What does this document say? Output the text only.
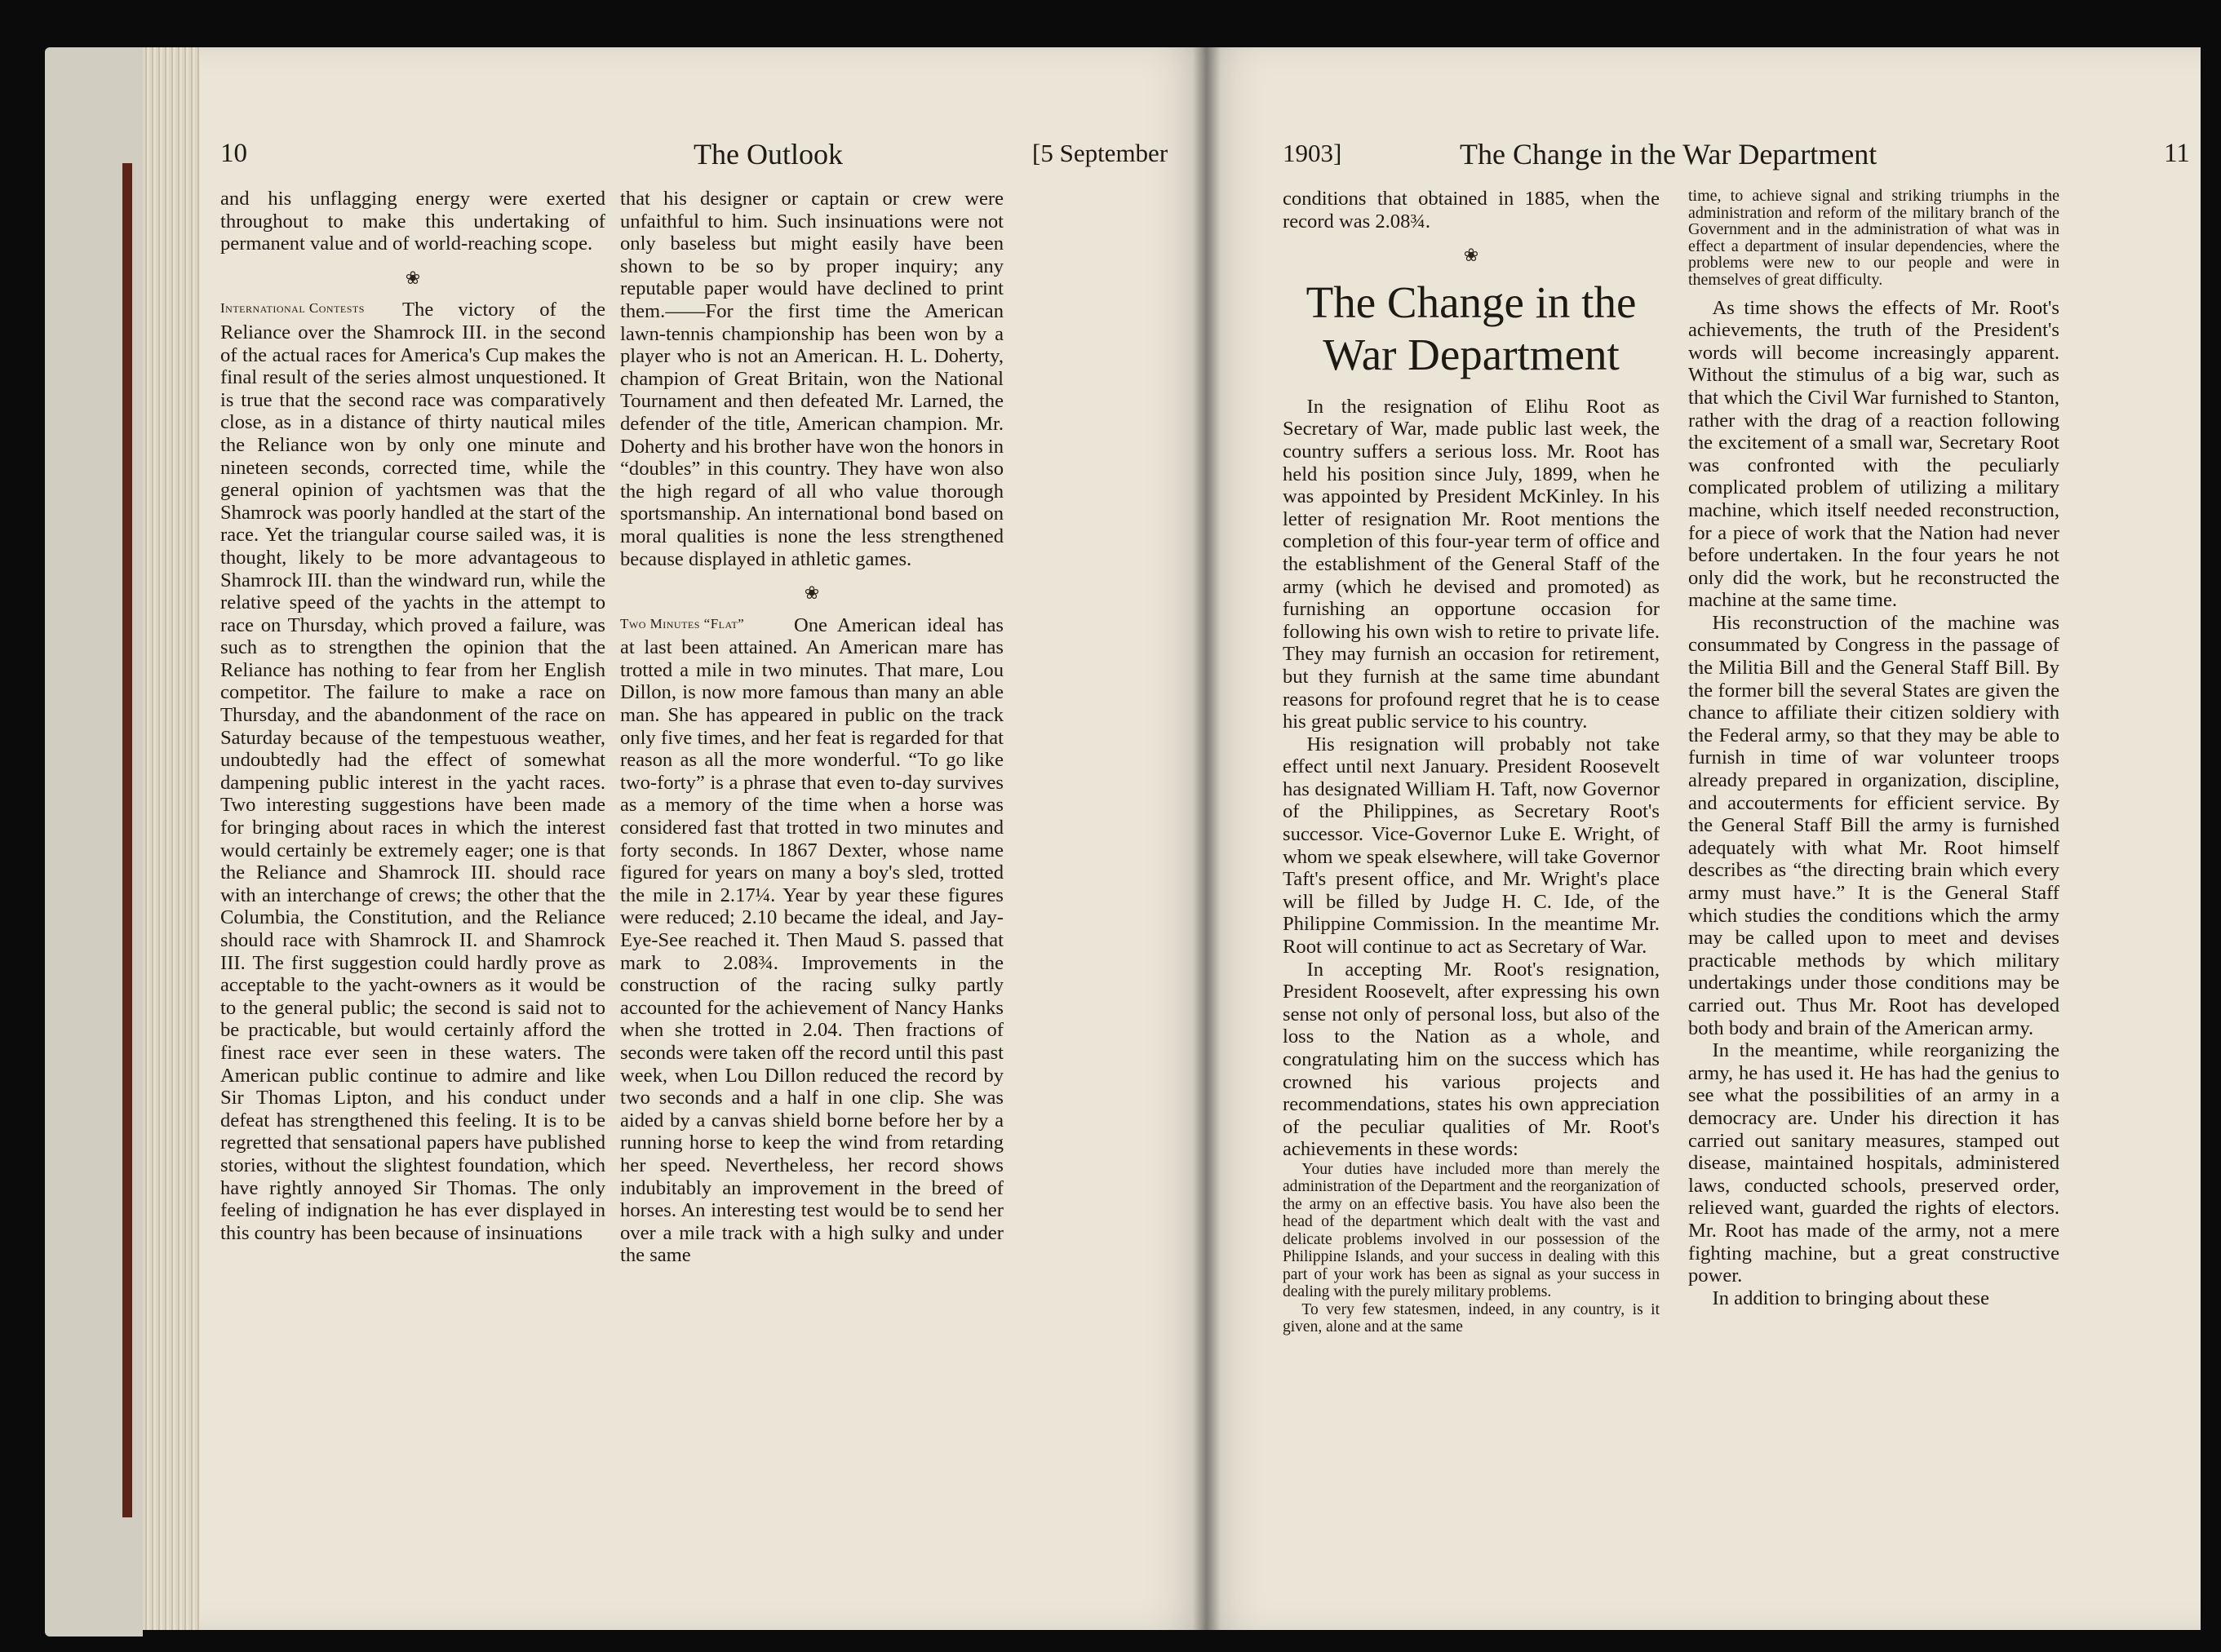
10	The Outlook	[5 September

and his unflagging energy were exerted throughout to make this undertaking of permanent value and of world-reaching scope.

❀

International Contests	The victory of the Reliance over the Shamrock III. in the second of the actual races for America's Cup makes the final result of the series almost unquestioned. It is true that the second race was comparatively close, as in a distance of thirty nautical miles the Reliance won by only one minute and nineteen seconds, corrected time, while the general opinion of yachtsmen was that the Shamrock was poorly handled at the start of the race. Yet the triangular course sailed was, it is thought, likely to be more advantageous to Shamrock III. than the windward run, while the relative speed of the yachts in the attempt to race on Thursday, which proved a failure, was such as to strengthen the opinion that the Reliance has nothing to fear from her English competitor. The failure to make a race on Thursday, and the abandonment of the race on Saturday because of the tempestuous weather, undoubtedly had the effect of somewhat dampening public interest in the yacht races. Two interesting suggestions have been made for bringing about races in which the interest would certainly be extremely eager; one is that the Reliance and Shamrock III. should race with an interchange of crews; the other that the Columbia, the Constitution, and the Reliance should race with Shamrock II. and Shamrock III. The first suggestion could hardly prove as acceptable to the yacht-owners as it would be to the general public; the second is said not to be practicable, but would certainly afford the finest race ever seen in these waters. The American public continue to admire and like Sir Thomas Lipton, and his conduct under defeat has strengthened this feeling. It is to be regretted that sensational papers have published stories, without the slightest foundation, which have rightly annoyed Sir Thomas. The only feeling of indignation he has ever displayed in this country has been because of insinuations

that his designer or captain or crew were unfaithful to him. Such insinuations were not only baseless but might easily have been shown to be so by proper inquiry; any reputable paper would have declined to print them.——For the first time the American lawn-tennis championship has been won by a player who is not an American. H. L. Doherty, champion of Great Britain, won the National Tournament and then defeated Mr. Larned, the defender of the title, American champion. Mr. Doherty and his brother have won the honors in “doubles” in this country. They have won also the high regard of all who value thorough sportsmanship. An international bond based on moral qualities is none the less strengthened because displayed in athletic games.

❀

Two Minutes “Flat”	One American ideal has at last been attained. An American mare has trotted a mile in two minutes. That mare, Lou Dillon, is now more famous than many an able man. She has appeared in public on the track only five times, and her feat is regarded for that reason as all the more wonderful. “To go like two-forty” is a phrase that even to-day survives as a memory of the time when a horse was considered fast that trotted in two minutes and forty seconds. In 1867 Dexter, whose name figured for years on many a boy's sled, trotted the mile in 2.17¼. Year by year these figures were reduced; 2.10 became the ideal, and Jay-Eye-See reached it. Then Maud S. passed that mark to 2.08¾. Improvements in the construction of the racing sulky partly accounted for the achievement of Nancy Hanks when she trotted in 2.04. Then fractions of seconds were taken off the record until this past week, when Lou Dillon reduced the record by two seconds and a half in one clip. She was aided by a canvas shield borne before her by a running horse to keep the wind from retarding her speed. Nevertheless, her record shows indubitably an improvement in the breed of horses. An interesting test would be to send her over a mile track with a high sulky and under the same

1903]	The Change in the War Department	11

conditions that obtained in 1885, when the record was 2.08¾.

❀
The Change in the War Department

In the resignation of Elihu Root as Secretary of War, made public last week, the country suffers a serious loss. Mr. Root has held his position since July, 1899, when he was appointed by President McKinley. In his letter of resignation Mr. Root mentions the completion of this four-year term of office and the establishment of the General Staff of the army (which he devised and promoted) as furnishing an opportune occasion for following his own wish to retire to private life. They may furnish an occasion for retirement, but they furnish at the same time abundant reasons for profound regret that he is to cease his great public service to his country.

His resignation will probably not take effect until next January. President Roosevelt has designated William H. Taft, now Governor of the Philippines, as Secretary Root's successor. Vice-Governor Luke E. Wright, of whom we speak elsewhere, will take Governor Taft's present office, and Mr. Wright's place will be filled by Judge H. C. Ide, of the Philippine Commission. In the meantime Mr. Root will continue to act as Secretary of War.

In accepting Mr. Root's resignation, President Roosevelt, after expressing his own sense not only of personal loss, but also of the loss to the Nation as a whole, and congratulating him on the success which has crowned his various projects and recommendations, states his own appreciation of the peculiar qualities of Mr. Root's achievements in these words:

Your duties have included more than merely the administration of the Department and the reorganization of the army on an effective basis. You have also been the head of the department which dealt with the vast and delicate problems involved in our possession of the Philippine Islands, and your success in dealing with this part of your work has been as signal as your success in dealing with the purely military problems.

To very few statesmen, indeed, in any country, is it given, alone and at the same

time, to achieve signal and striking triumphs in the administration and reform of the military branch of the Government and in the administration of what was in effect a department of insular dependencies, where the problems were new to our people and were in themselves of great difficulty.

As time shows the effects of Mr. Root's achievements, the truth of the President's words will become increasingly apparent. Without the stimulus of a big war, such as that which the Civil War furnished to Stanton, rather with the drag of a reaction following the excitement of a small war, Secretary Root was confronted with the peculiarly complicated problem of utilizing a military machine, which itself needed reconstruction, for a piece of work that the Nation had never before undertaken. In the four years he not only did the work, but he reconstructed the machine at the same time.

His reconstruction of the machine was consummated by Congress in the passage of the Militia Bill and the General Staff Bill. By the former bill the several States are given the chance to affiliate their citizen soldiery with the Federal army, so that they may be able to furnish in time of war volunteer troops already prepared in organization, discipline, and accouterments for efficient service. By the General Staff Bill the army is furnished adequately with what Mr. Root himself describes as “the directing brain which every army must have.” It is the General Staff which studies the conditions which the army may be called upon to meet and devises practicable methods by which military undertakings under those conditions may be carried out. Thus Mr. Root has developed both body and brain of the American army.

In the meantime, while reorganizing the army, he has used it. He has had the genius to see what the possibilities of an army in a democracy are. Under his direction it has carried out sanitary measures, stamped out disease, maintained hospitals, administered laws, conducted schools, preserved order, relieved want, guarded the rights of electors. Mr. Root has made of the army, not a mere fighting machine, but a great constructive power.

In addition to bringing about these
